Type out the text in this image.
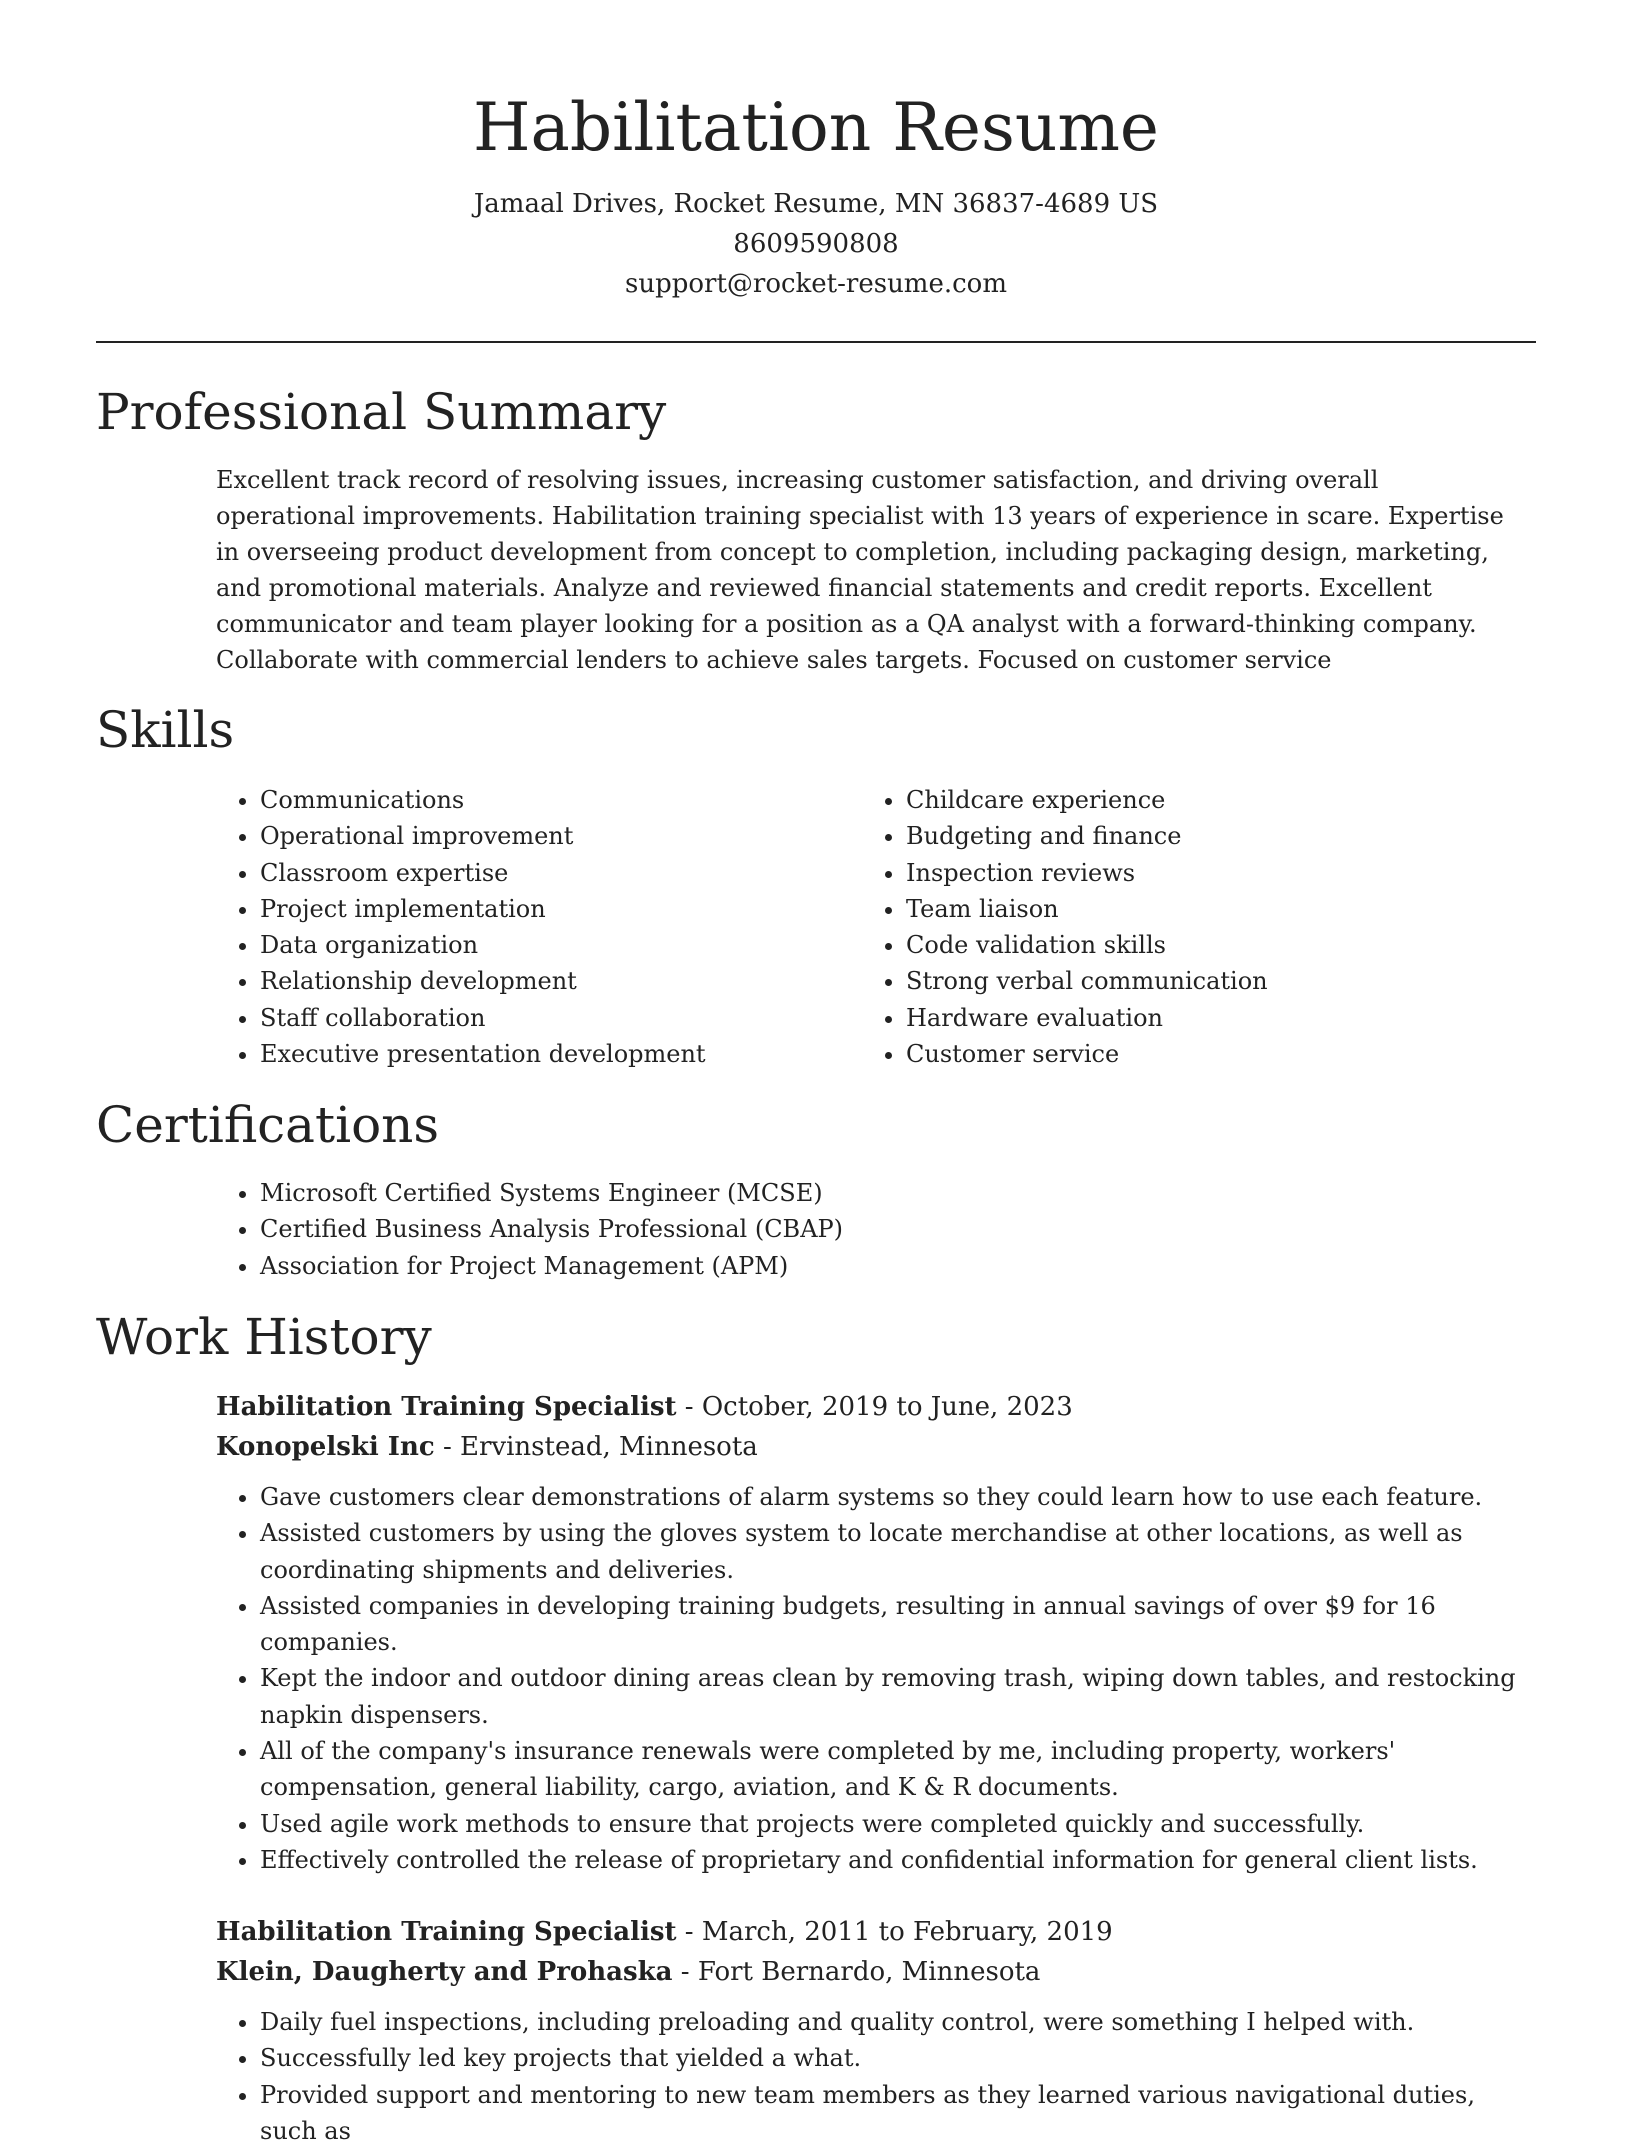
Habilitation Resume

Jamaal Drives, Rocket Resume, MN 36837-4689 US

8609590808

support@rocket-resume.com

Professional Summary

Excellent track record of resolving issues, increasing customer satisfaction, and driving overall operational improvements. Habilitation training specialist with 13 years of experience in scare. Expertise in overseeing product development from concept to completion, including packaging design, marketing, and promotional materials. Analyze and reviewed financial statements and credit reports. Excellent communicator and team player looking for a position as a QA analyst with a forward-thinking company. Collaborate with commercial lenders to achieve sales targets. Focused on customer service

Skills
• Communications
• Operational improvement
• Classroom expertise
• Project implementation
• Data organization
• Relationship development
• Staff collaboration
• Executive presentation development
• Childcare experience
• Budgeting and finance
• Inspection reviews
• Team liaison
• Code validation skills
• Strong verbal communication
• Hardware evaluation
• Customer service
Certifications
• Microsoft Certified Systems Engineer (MCSE)
• Certified Business Analysis Professional (CBAP)
• Association for Project Management (APM)
Work History

Habilitation Training Specialist - October, 2019 to June, 2023

Konopelski Inc - Ervinstead, Minnesota

• Gave customers clear demonstrations of alarm systems so they could learn how to use each feature.
• Assisted customers by using the gloves system to locate merchandise at other locations, as well as coordinating shipments and deliveries.
• Assisted companies in developing training budgets, resulting in annual savings of over $9 for 16 companies.
• Kept the indoor and outdoor dining areas clean by removing trash, wiping down tables, and restocking napkin dispensers.
• All of the company's insurance renewals were completed by me, including property, workers' compensation, general liability, cargo, aviation, and K & R documents.
• Used agile work methods to ensure that projects were completed quickly and successfully.
• Effectively controlled the release of proprietary and confidential information for general client lists.

Habilitation Training Specialist - March, 2011 to February, 2019

Klein, Daugherty and Prohaska - Fort Bernardo, Minnesota

• Daily fuel inspections, including preloading and quality control, were something I helped with.
• Successfully led key projects that yielded a what.
• Provided support and mentoring to new team members as they learned various navigational duties, such as
